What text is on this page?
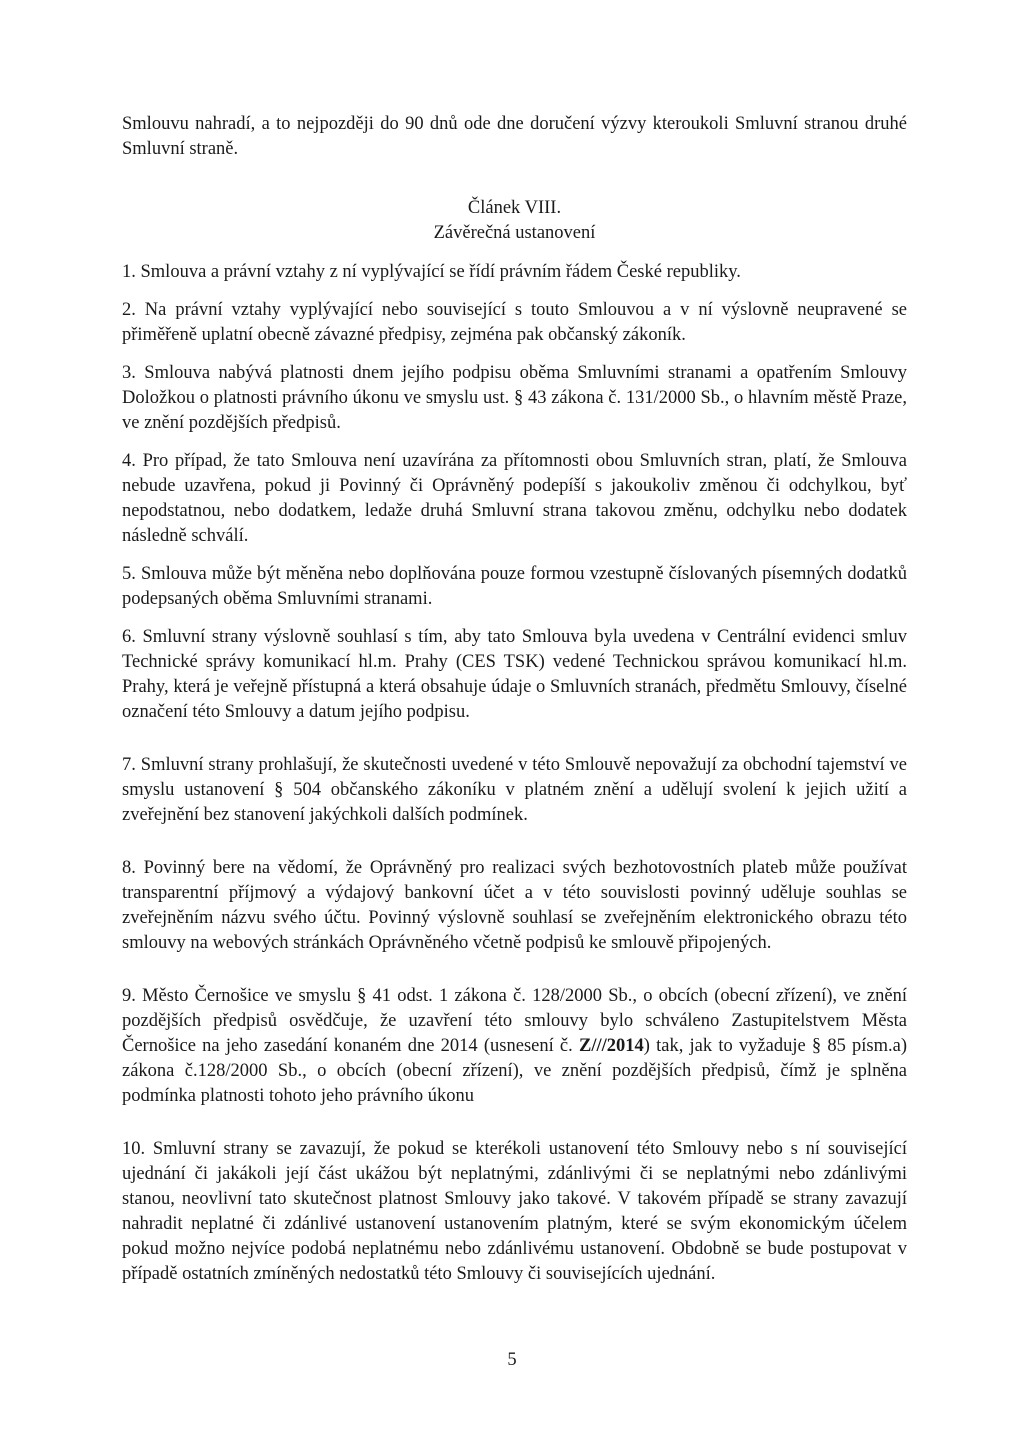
Smlouvu nahradí, a to nejpozději do 90 dnů ode dne doručení výzvy kteroukoli Smluvní stranou druhé Smluvní straně.

Článek VIII.

Závěrečná ustanovení

1. Smlouva a právní vztahy z ní vyplývající se řídí právním řádem České republiky.

2. Na právní vztahy vyplývající nebo související s touto Smlouvou a v ní výslovně neupravené se přiměřeně uplatní obecně závazné předpisy, zejména pak občanský zákoník.

3. Smlouva nabývá platnosti dnem jejího podpisu oběma Smluvními stranami a opatřením Smlouvy Doložkou o platnosti právního úkonu ve smyslu ust. § 43 zákona č. 131/2000 Sb., o hlavním městě Praze, ve znění pozdějších předpisů.

4. Pro případ, že tato Smlouva není uzavírána za přítomnosti obou Smluvních stran, platí, že Smlouva nebude uzavřena, pokud ji Povinný či Oprávněný podepíší s jakoukoliv změnou či odchylkou, byť nepodstatnou, nebo dodatkem, ledaže druhá Smluvní strana takovou změnu, odchylku nebo dodatek následně schválí.

5. Smlouva může být měněna nebo doplňována pouze formou vzestupně číslovaných písemných dodatků podepsaných oběma Smluvními stranami.

6. Smluvní strany výslovně souhlasí s tím, aby tato Smlouva byla uvedena v Centrální evidenci smluv Technické správy komunikací hl.m. Prahy (CES TSK) vedené Technickou správou komunikací hl.m. Prahy, která je veřejně přístupná a která obsahuje údaje o Smluvních stranách, předmětu Smlouvy, číselné označení této Smlouvy a datum jejího podpisu.

7. Smluvní strany prohlašují, že skutečnosti uvedené v této Smlouvě nepovažují za obchodní tajemství ve smyslu ustanovení § 504 občanského zákoníku v platném znění a udělují svolení k jejich užití a zveřejnění bez stanovení jakýchkoli dalších podmínek.

8. Povinný bere na vědomí, že Oprávněný pro realizaci svých bezhotovostních plateb může používat transparentní příjmový a výdajový bankovní účet a v této souvislosti povinný uděluje souhlas se zveřejněním názvu svého účtu. Povinný výslovně souhlasí se zveřejněním elektronického obrazu této smlouvy na webových stránkách Oprávněného včetně podpisů ke smlouvě připojených.

9. Město Černošice ve smyslu § 41 odst. 1 zákona č. 128/2000 Sb., o obcích (obecní zřízení), ve znění pozdějších předpisů osvědčuje, že uzavření této smlouvy bylo schváleno Zastupitelstvem Města Černošice na jeho zasedání konaném dne 2014 (usnesení č. Z///2014) tak, jak to vyžaduje § 85 písm.a) zákona č.128/2000 Sb., o obcích (obecní zřízení), ve znění pozdějších předpisů, čímž je splněna podmínka platnosti tohoto jeho právního úkonu

10. Smluvní strany se zavazují, že pokud se kterékoli ustanovení této Smlouvy nebo s ní související ujednání či jakákoli její část ukážou být neplatnými, zdánlivými či se neplatnými nebo zdánlivými stanou, neovlivní tato skutečnost platnost Smlouvy jako takové. V takovém případě se strany zavazují nahradit neplatné či zdánlivé ustanovení ustanovením platným, které se svým ekonomickým účelem pokud možno nejvíce podobá neplatnému nebo zdánlivému ustanovení. Obdobně se bude postupovat v případě ostatních zmíněných nedostatků této Smlouvy či souvisejících ujednání.

5
